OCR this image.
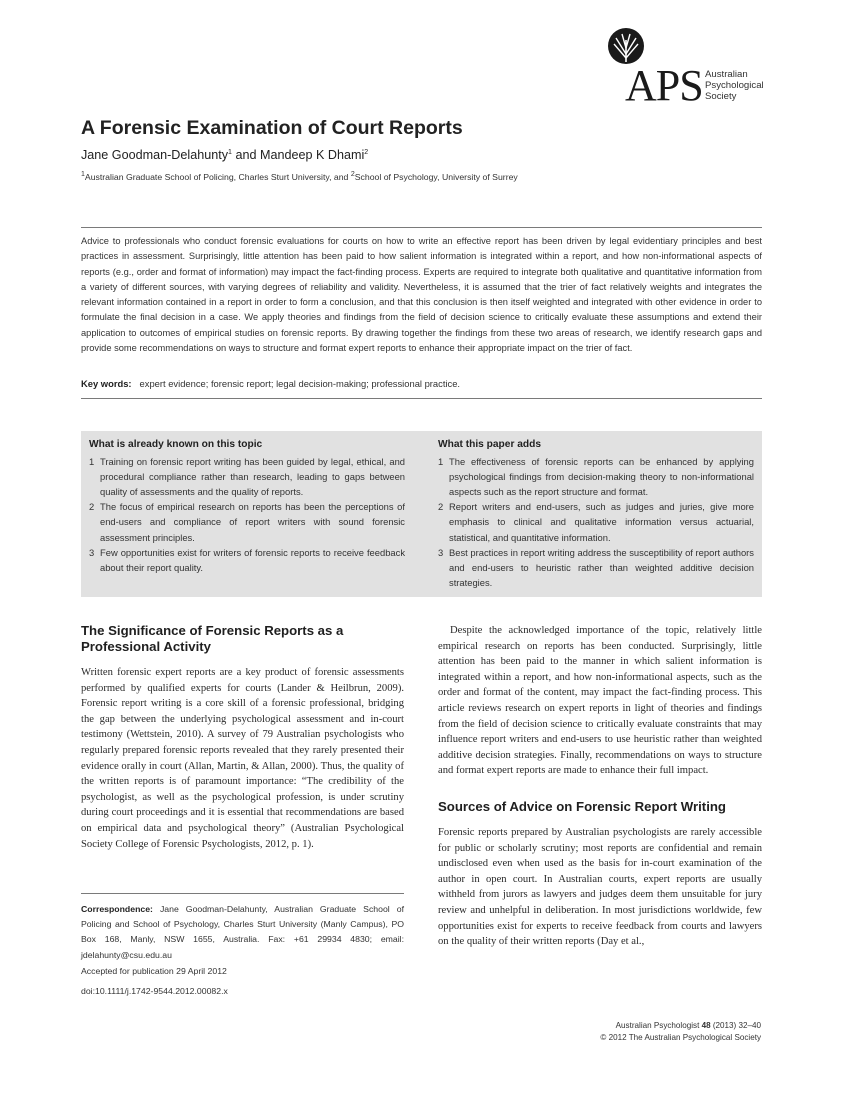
APS Australian
Psychological
Society
A Forensic Examination of Court Reports
Jane Goodman-Delahunty$^1$ and Mandeep K Dhami$^2$
$^1$Australian Graduate School of Policing, Charles Sturt University, and $^2$School of Psychology, University of Surrey
Advice to professionals who conduct forensic evaluations for courts on how to write an effective report has been driven by legal evidentiary principles and best practices in assessment. Surprisingly, little attention has been paid to how salient information is integrated within a report, and how non-informational aspects of reports (e.g., order and format of information) may impact the fact-finding process. Experts are required to integrate both qualitative and quantitative information from a variety of different sources, with varying degrees of reliability and validity. Nevertheless, it is assumed that the trier of fact relatively weights and integrates the relevant information contained in a report in order to form a conclusion, and that this conclusion is then itself weighted and integrated with other evidence in order to formulate the final decision in a case. We apply theories and findings from the field of decision science to critically evaluate these assumptions and extend their application to outcomes of empirical studies on forensic reports. By drawing together the findings from these two areas of research, we identify research gaps and provide some recommendations on ways to structure and format expert reports to enhance their appropriate impact on the trier of fact.
Key words: expert evidence; forensic report; legal decision-making; professional practice.
What is already known on this topic
1 Training on forensic report writing has been guided by legal, ethical, and procedural compliance rather than research, leading to gaps between quality of assessments and the quality of reports.
2 The focus of empirical research on reports has been the perceptions of end-users and compliance of report writers with sound forensic assessment principles.
3 Few opportunities exist for writers of forensic reports to receive feedback about their report quality.
What this paper adds
1 The effectiveness of forensic reports can be enhanced by applying psychological findings from decision-making theory to non-informational aspects such as the report structure and format.
2 Report writers and end-users, such as judges and juries, give more emphasis to clinical and qualitative information versus actuarial, statistical, and quantitative information.
3 Best practices in report writing address the susceptibility of report authors and end-users to heuristic rather than weighted additive decision strategies.
The Significance of Forensic Reports as a Professional Activity

Written forensic expert reports are a key product of forensic assessments performed by qualified experts for courts (Lander & Heilbrun, 2009). Forensic report writing is a core skill of a forensic professional, bridging the gap between the underlying psychological assessment and in-court testimony (Wettstein, 2010). A survey of 79 Australian psychologists who regularly prepared forensic reports revealed that they rarely presented their evidence orally in court (Allan, Martin, & Allan, 2000). Thus, the quality of the written reports is of paramount importance: “The credibility of the psychologist, as well as the psychological profession, is under scrutiny during court proceedings and it is essential that recommendations are based on empirical data and psychological theory” (Australian Psychological Society College of Forensic Psychologists, 2012, p. 1).

Correspondence: Jane Goodman-Delahunty, Australian Graduate School of Policing and School of Psychology, Charles Sturt University (Manly Campus), PO Box 168, Manly, NSW 1655, Australia. Fax: +61 29934 4830; email: jdelahunty@csu.edu.au
Accepted for publication 29 April 2012
doi:10.1111/j.1742-9544.2012.00082.x

Despite the acknowledged importance of the topic, relatively little empirical research on reports has been conducted. Surprisingly, little attention has been paid to the manner in which salient information is integrated within a report, and how non-informational aspects, such as the order and format of the content, may impact the fact-finding process. This article reviews research on expert reports in light of theories and findings from the field of decision science to critically evaluate constraints that may influence report writers and end-users to use heuristic rather than weighted additive decision strategies. Finally, recommendations on ways to structure and format expert reports are made to enhance their full impact.

Sources of Advice on Forensic Report Writing

Forensic reports prepared by Australian psychologists are rarely accessible for public or scholarly scrutiny; most reports are confidential and remain undisclosed even when used as the basis for in-court examination of the author in open court. In Australian courts, expert reports are usually withheld from jurors as lawyers and judges deem them unsuitable for jury review and unhelpful in deliberation. In most jurisdictions worldwide, few opportunities exist for experts to receive feedback from courts and lawyers on the quality of their written reports (Day et al.,

Australian Psychologist 48 (2013) 32–40
© 2012 The Australian Psychological Society
